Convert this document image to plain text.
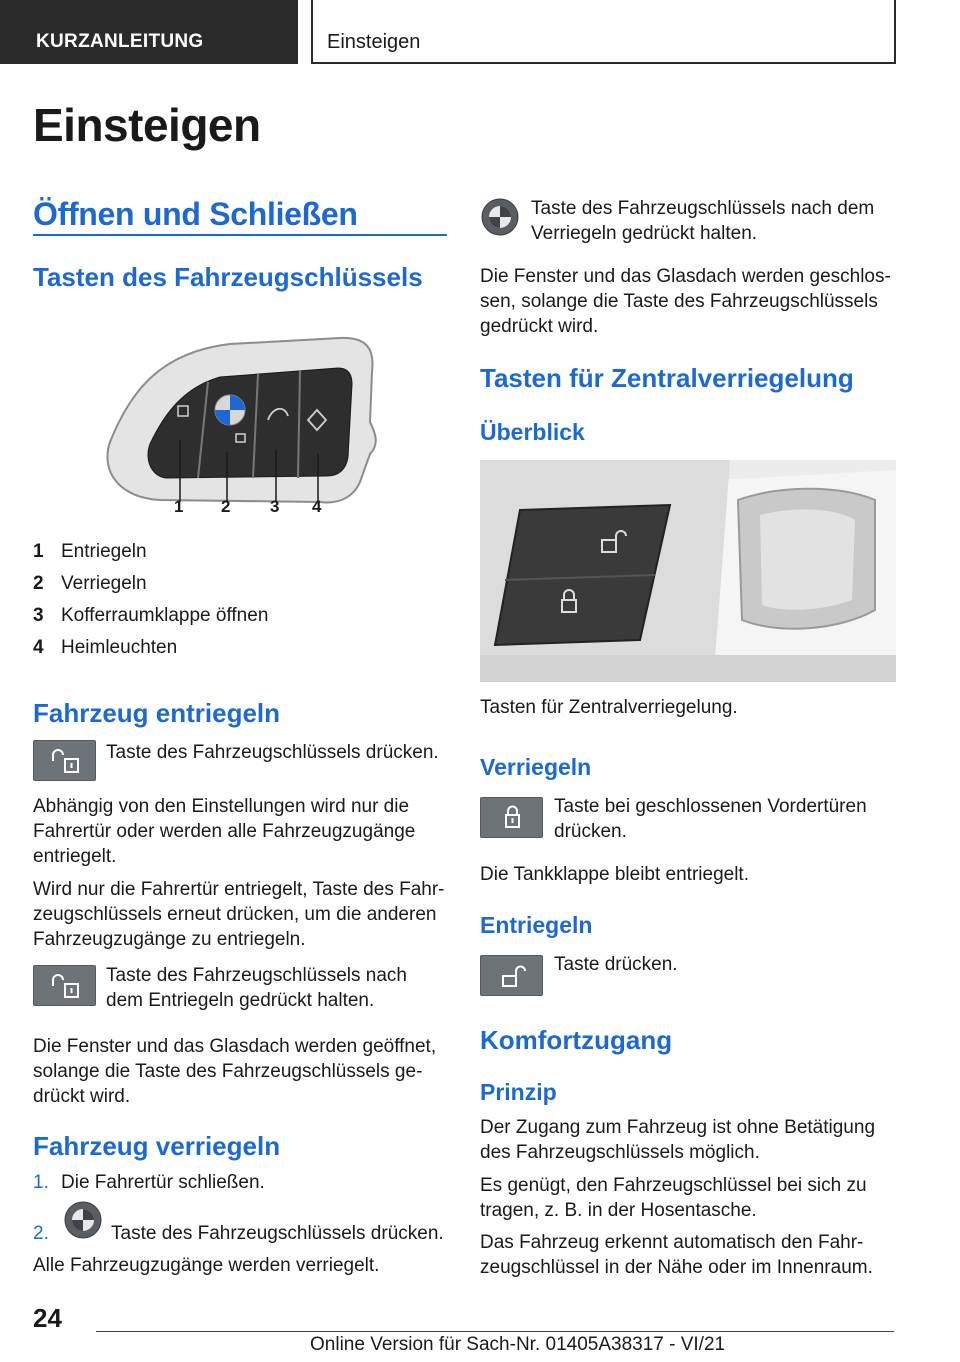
KURZANLEITUNG	Einsteigen
Einsteigen
Öffnen und Schließen
Tasten des Fahrzeugschlüssels
1 2 3 4
1 Entriegeln
2 Verriegeln
3 Kofferraumklappe öffnen
4 Heimleuchten
Fahrzeug entriegeln
Taste des Fahrzeugschlüssels drücken.
Abhängig von den Einstellungen wird nur die Fahrertür oder werden alle Fahrzeugzugänge entriegelt.
Wird nur die Fahrertür entriegelt, Taste des Fahrzeugschlüssels erneut drücken, um die anderen Fahrzeugzugänge zu entriegeln.
Taste des Fahrzeugschlüssels nach dem Entriegeln gedrückt halten.
Die Fenster und das Glasdach werden geöffnet, solange die Taste des Fahrzeugschlüssels gedrückt wird.
Fahrzeug verriegeln
1. Die Fahrertür schließen.
2.	Taste des Fahrzeugschlüssels drücken.
Alle Fahrzeugzugänge werden verriegelt.
Taste des Fahrzeugschlüssels nach dem Verriegeln gedrückt halten.
Die Fenster und das Glasdach werden geschlossen, solange die Taste des Fahrzeugschlüssels gedrückt wird.
Tasten für Zentralverriegelung
Überblick
Tasten für Zentralverriegelung.
Verriegeln
Taste bei geschlossenen Vordertüren drücken.
Die Tankklappe bleibt entriegelt.
Entriegeln
Taste drücken.
Komfortzugang
Prinzip
Der Zugang zum Fahrzeug ist ohne Betätigung des Fahrzeugschlüssels möglich.
Es genügt, den Fahrzeugschlüssel bei sich zu tragen, z. B. in der Hosentasche.
Das Fahrzeug erkennt automatisch den Fahrzeugschlüssel in der Nähe oder im Innenraum.
24
Online Version für Sach-Nr. 01405A38317 - VI/21
